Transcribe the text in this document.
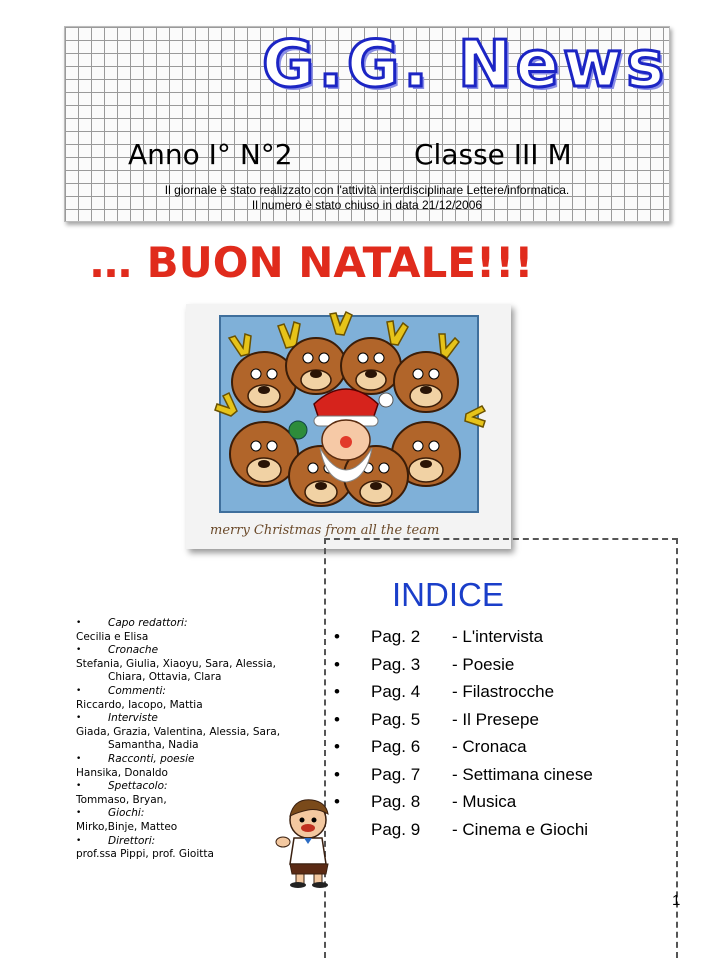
G.G. News
Anno I° N°2	Classe III M
Il giornale è stato realizzato con l'attività interdisciplinare Lettere/informatica.
Il numero è stato chiuso in data 21/12/2006
… BUON NATALE!!!
merry Christmas from all the team
INDICE
• Pag. 2 - L'intervista
• Pag. 3 - Poesie
• Pag. 4 - Filastrocche
• Pag. 5 - Il Presepe
• Pag. 6 - Cronaca
• Pag. 7 - Settimana cinese
• Pag. 8 - Musica
Pag. 9 - Cinema e Giochi
• Capo redattori:
Cecilia e Elisa
• Cronache
Stefania, Giulia, Xiaoyu, Sara, Alessia, Chiara, Ottavia, Clara
• Commenti:
Riccardo, Iacopo, Mattia
• Interviste
Giada, Grazia, Valentina, Alessia, Sara, Samantha, Nadia
• Racconti, poesie
Hansika, Donaldo
• Spettacolo:
Tommaso, Bryan,
• Giochi:
Mirko,Binje, Matteo
• Direttori:
prof.ssa Pippi, prof. Gioitta
1
